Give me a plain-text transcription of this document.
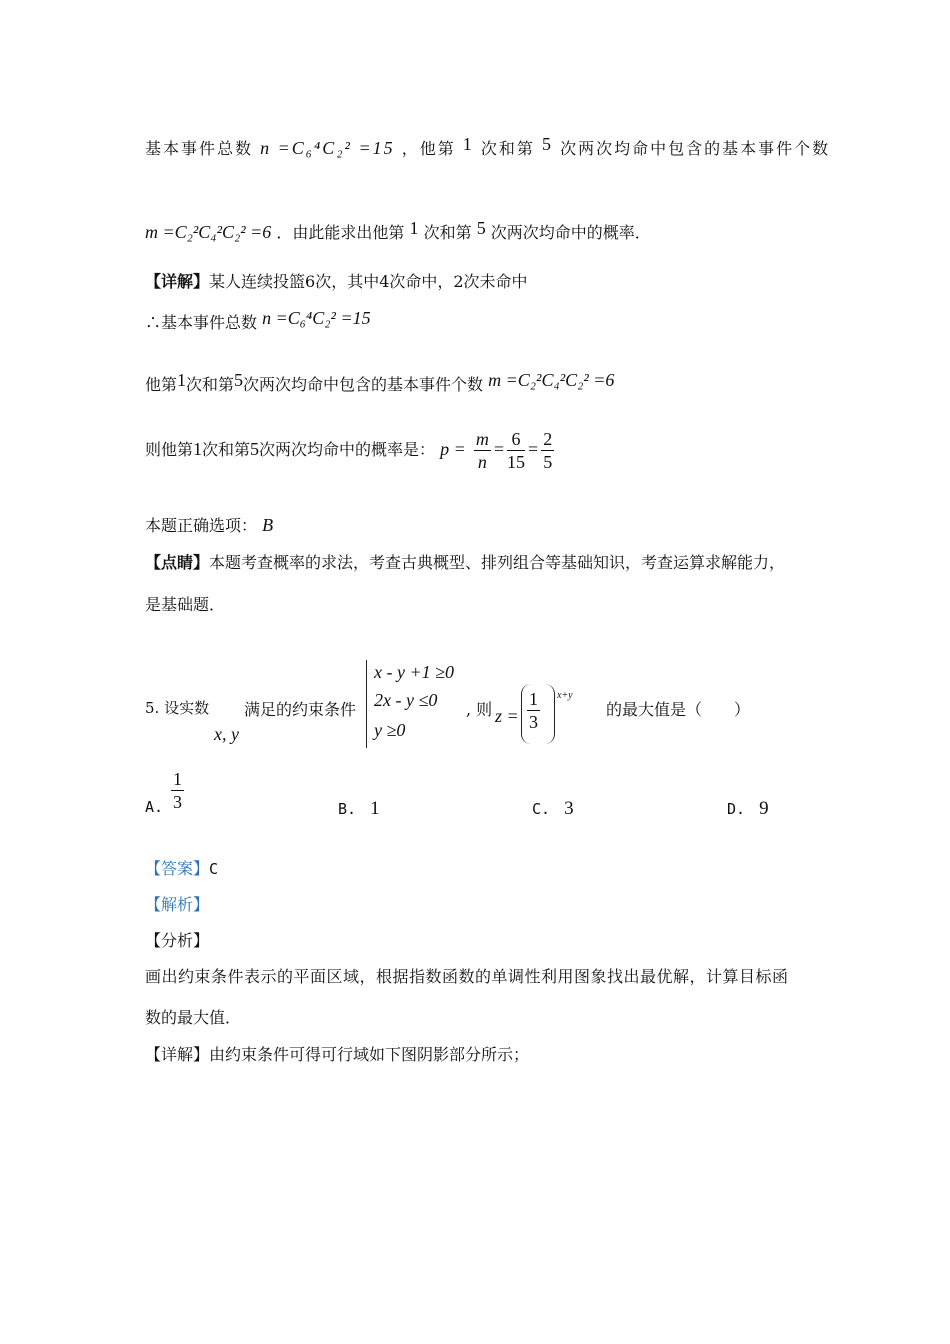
基本事件总数 n =C₆⁴C₂² =15 ，他第 1 次和第 5 次两次均命中包含的基本事件个数
m =C₂²C₄²C₂² =6 ．由此能求出他第 1 次和第 5 次两次均命中的概率．
【详解】某人连续投篮6次，其中4次命中，2次未命中
∴基本事件总数 n =C₆⁴C₂² =15
他第1次和第5次两次均命中包含的基本事件个数 m =C₂²C₄²C₂² =6
则他第1次和第5次两次均命中的概率是： $p = \frac{m}{n} = \frac{6}{15} = \frac{2}{5}$
本题正确选项： B
【点睛】本题考查概率的求法，考查古典概型、排列组合等基础知识，考查运算求解能力，
是基础题．
5. 设实数
x, y
满足的约束条件
x - y +1 ≥0
2x - y ≤0
y ≥0
, 则 $z = \frac{1}{3} x+y$
的最大值是（　　）
A. $\frac{1}{3}$	B. 1	C. 3	D. 9
【答案】C
【解析】
【分析】
画出约束条件表示的平面区域，根据指数函数的单调性利用图象找出最优解，计算目标函
数的最大值．
【详解】由约束条件可得可行域如下图阴影部分所示；
